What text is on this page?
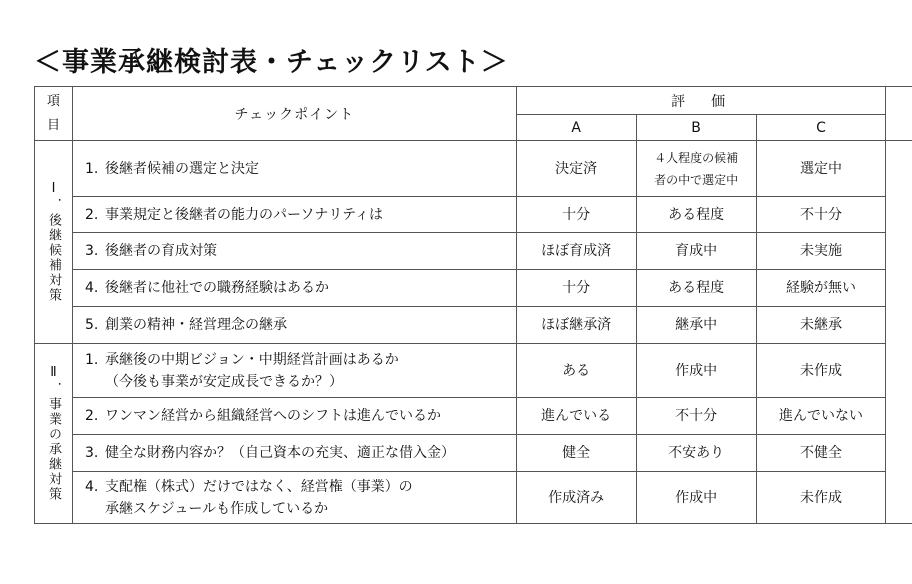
＜事業承継検討表・チェックリスト＞
項
目	チェックポイント	評　価			
		A	B	C	

Ⅰ．後継候補対策	1. 後継者候補の選定と決定	決定済	４人程度の候補
者の中で選定中	選定中	
	2. 事業規定と後継者の能力のパーソナリティは	十分	ある程度	不十分	
	3. 後継者の育成対策	ほぼ育成済	育成中	未実施	
	4. 後継者に他社での職務経験はあるか	十分	ある程度	経験が無い	
	5. 創業の精神・経営理念の継承	ほぼ継承済	継承中	未継承	

Ⅱ．事業の承継対策	1. 承継後の中期ビジョン・中期経営計画はあるか
（今後も事業が安定成長できるか？）	ある	作成中	未作成	
	2. ワンマン経営から組織経営へのシフトは進んでいるか	進んでいる	不十分	進んでいない	
	3. 健全な財務内容か？（自己資本の充実、適正な借入金）	健全	不安あり	不健全	
	4. 支配権（株式）だけではなく、経営権（事業）の
承継スケジュールも作成しているか	作成済み	作成中	未作成	
